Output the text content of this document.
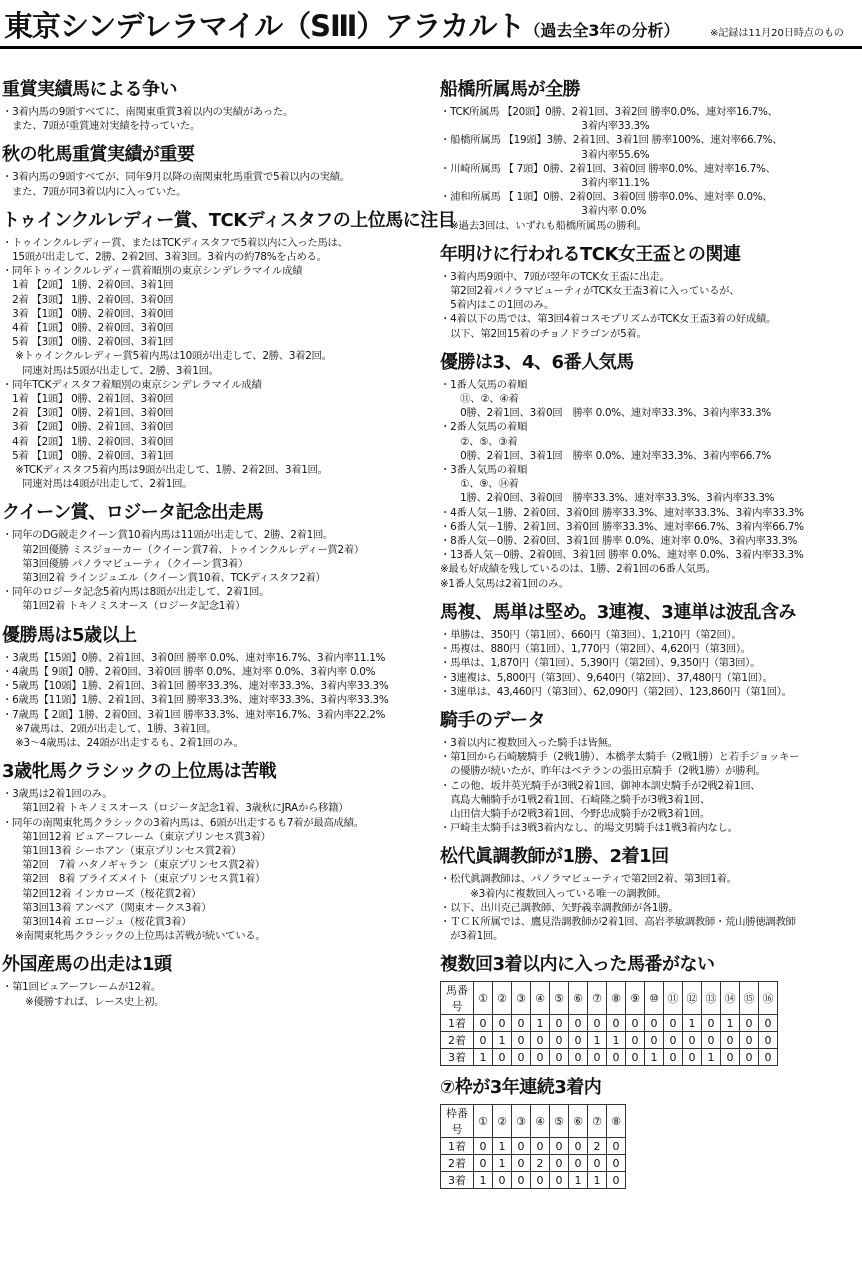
東京シンデレラマイル（SⅢ）アラカルト（過去全3年の分析）	※記録は11月20日時点のもの
重賞実績馬による争い
・3着内馬の9頭すべてに、南関東重賞3着以内の実績があった。
　また、7頭が重賞連対実績を持っていた。
秋の牝馬重賞実績が重要
・3着内馬の9頭すべてが、同年9月以降の南関東牝馬重賞で5着以内の実績。
　また、7頭が同3着以内に入っていた。
トゥインクルレディー賞、TCKディスタフの上位馬に注目
・トゥインクルレディー賞、またはTCKディスタフで5着以内に入った馬は、
　15頭が出走して、2勝、2着2回、3着3回。3着内の約78%を占める。
・同年トゥインクルレディー賞着順別の東京シンデレラマイル成績
　1着 【2頭】 1勝、2着0回、3着1回
　2着 【3頭】 1勝、2着0回、3着0回
　3着 【1頭】 0勝、2着0回、3着0回
　4着 【1頭】 0勝、2着0回、3着0回
　5着 【3頭】 0勝、2着0回、3着1回
　 ※トゥインクルレディー賞5着内馬は10頭が出走して、2勝、3着2回。
　　同連対馬は5頭が出走して、2勝、3着1回。
・同年TCKディスタフ着順別の東京シンデレラマイル成績
　1着 【1頭】 0勝、2着1回、3着0回
　2着 【3頭】 0勝、2着1回、3着0回
　3着 【2頭】 0勝、2着1回、3着0回
　4着 【2頭】 1勝、2着0回、3着0回
　5着 【1頭】 0勝、2着0回、3着1回
　 ※TCKディスタフ5着内馬は9頭が出走して、1勝、2着2回、3着1回。
　　同連対馬は4頭が出走して、2着1回。
クイーン賞、ロジータ記念出走馬
・同年のDG競走クイーン賞10着内馬は11頭が出走して、2勝、2着1回。
　　第2回優勝 ミスジョーカー（クイーン賞7着、トゥインクルレディー賞2着）
　　第3回優勝 パノラマビューティ（クイーン賞3着）
　　第3回2着 ラインジュエル（クイーン賞10着、TCKディスタフ2着）
・同年のロジータ記念5着内馬は8頭が出走して、2着1回。
　　第1回2着 トキノミスオース（ロジータ記念1着）
優勝馬は5歳以上
・3歳馬【15頭】0勝、2着1回、3着0回 勝率 0.0%、連対率16.7%、3着内率11.1%
・4歳馬【 9頭】0勝、2着0回、3着0回 勝率 0.0%、連対率 0.0%、3着内率 0.0%
・5歳馬【10頭】1勝、2着1回、3着1回 勝率33.3%、連対率33.3%、3着内率33.3%
・6歳馬【11頭】1勝、2着1回、3着1回 勝率33.3%、連対率33.3%、3着内率33.3%
・7歳馬【 2頭】1勝、2着0回、3着1回 勝率33.3%、連対率16.7%、3着内率22.2%
　 ※7歳馬は、2頭が出走して、1勝、3着1回。
　 ※3～4歳馬は、24頭が出走するも、2着1回のみ。
3歳牝馬クラシックの上位馬は苦戦
・3歳馬は2着1回のみ。
　　第1回2着 トキノミスオース（ロジータ記念1着、3歳秋にJRAから移籍）
・同年の南関東牝馬クラシックの3着内馬は、6頭が出走するも7着が最高成績。
　　第1回12着 ピュアーフレーム（東京プリンセス賞3着）
　　第1回13着 シーホアン（東京プリンセス賞2着）
　　第2回　7着 ハタノギャラン（東京プリンセス賞2着）
　　第2回　8着 ブライズメイト（東京プリンセス賞1着）
　　第2回12着 インカローズ（桜花賞2着）
　　第3回13着 アンベア（関東オークス3着）
　　第3回14着 エロージュ（桜花賞3着）
　 ※南関東牝馬クラシックの上位馬は苦戦が続いている。
外国産馬の出走は1頭
・第1回ピュアーフレームが12着。
　　 ※優勝すれば、レース史上初。
船橋所属馬が全勝
・TCK所属馬 【20頭】0勝、2着1回、3着2回 勝率0.0%、連対率16.7%、
　　　　　　　　　　　　　　3着内率33.3%
・船橋所属馬 【19頭】3勝、2着1回、3着1回 勝率100%、連対率66.7%、
　　　　　　　　　　　　　　3着内率55.6%
・川崎所属馬 【 7頭】0勝、2着1回、3着0回 勝率0.0%、連対率16.7%、
　　　　　　　　　　　　　　3着内率11.1%
・浦和所属馬 【 1頭】0勝、2着0回、3着0回 勝率0.0%、連対率 0.0%、
　　　　　　　　　　　　　　3着内率 0.0%
　※過去3回は、いずれも船橋所属馬の勝利。
年明けに行われるTCK女王盃との関連
・3着内馬9頭中、7頭が翌年のTCK女王盃に出走。
　第2回2着パノラマビューティがTCK女王盃3着に入っているが、
　5着内はこの1回のみ。
・4着以下の馬では、第3回4着コスモプリズムがTCK女王盃3着の好成績。
　以下、第2回15着のチョノドラゴンが5着。
優勝は3、4、6番人気馬
・1番人気馬の着順
　　⑪、②、④着
　　0勝、2着1回、3着0回　勝率 0.0%、連対率33.3%、3着内率33.3%
・2番人気馬の着順
　　②、⑤、③着
　　0勝、2着1回、3着1回　勝率 0.0%、連対率33.3%、3着内率66.7%
・3番人気馬の着順
　　①、⑨、⑭着
　　1勝、2着0回、3着0回　勝率33.3%、連対率33.3%、3着内率33.3%
・4番人気－1勝、2着0回、3着0回 勝率33.3%、連対率33.3%、3着内率33.3%
・6番人気－1勝、2着1回、3着0回 勝率33.3%、連対率66.7%、3着内率66.7%
・8番人気－0勝、2着0回、3着1回 勝率 0.0%、連対率 0.0%、3着内率33.3%
・13番人気－0勝、2着0回、3着1回 勝率 0.0%、連対率 0.0%、3着内率33.3%
※最も好成績を残しているのは、1勝、2着1回の6番人気馬。
※1番人気馬は2着1回のみ。
馬複、馬単は堅め。3連複、3連単は波乱含み
・単勝は、350円（第1回）、660円（第3回）、1,210円（第2回）。
・馬複は、880円（第1回）、1,770円（第2回）、4,620円（第3回）。
・馬単は、1,870円（第1回）、5,390円（第2回）、9,350円（第3回）。
・3連複は、5,800円（第3回）、9,640円（第2回）、37,480円（第1回）。
・3連単は、43,460円（第3回）、62,090円（第2回）、123,860円（第1回）。
騎手のデータ
・3着以内に複数回入った騎手は皆無。
・第1回から石崎駿騎手（2戦1勝）、本橋孝太騎手（2戦1勝）と若手ジョッキー
　の優勝が続いたが、昨年はベテランの張田京騎手（2戦1勝）が勝利。
・この他、坂井英光騎手が3戦2着1回、御神本訓史騎手が2戦2着1回、
　真島大輔騎手が1戦2着1回、石崎隆之騎手が3戦3着1回、
　山田信大騎手が2戦3着1回、今野忠成騎手が2戦3着1回。
・戸崎圭太騎手は3戦3着内なし、的場文男騎手は1戦3着内なし。
松代眞調教師が1勝、2着1回
・松代眞調教師は、パノラマビューティで第2回2着、第3回1着。
　　　※3着内に複数回入っている唯一の調教師。
・以下、出川克己調教師、矢野義幸調教師が各1勝。
・ＴＣＫ所属では、鷹見浩調教師が2着1回、高岩孝敏調教師・荒山勝徳調教師
　が3着1回。
複数回3着以内に入った馬番がない
馬番号	①	②	③	④	⑤	⑥	⑦	⑧	⑨	⑩	⑪	⑫	⑬	⑭	⑮	⑯
1着	0	0	0	1	0	0	0	0	0	0	0	1	0	1	0	0
2着	0	1	0	0	0	0	1	1	0	0	0	0	0	0	0	0
3着	1	0	0	0	0	0	0	0	0	1	0	0	1	0	0	0
⑦枠が3年連続3着内
枠番号	①	②	③	④	⑤	⑥	⑦	⑧
1着	0	1	0	0	0	0	2	0
2着	0	1	0	2	0	0	0	0
3着	1	0	0	0	0	1	1	0
